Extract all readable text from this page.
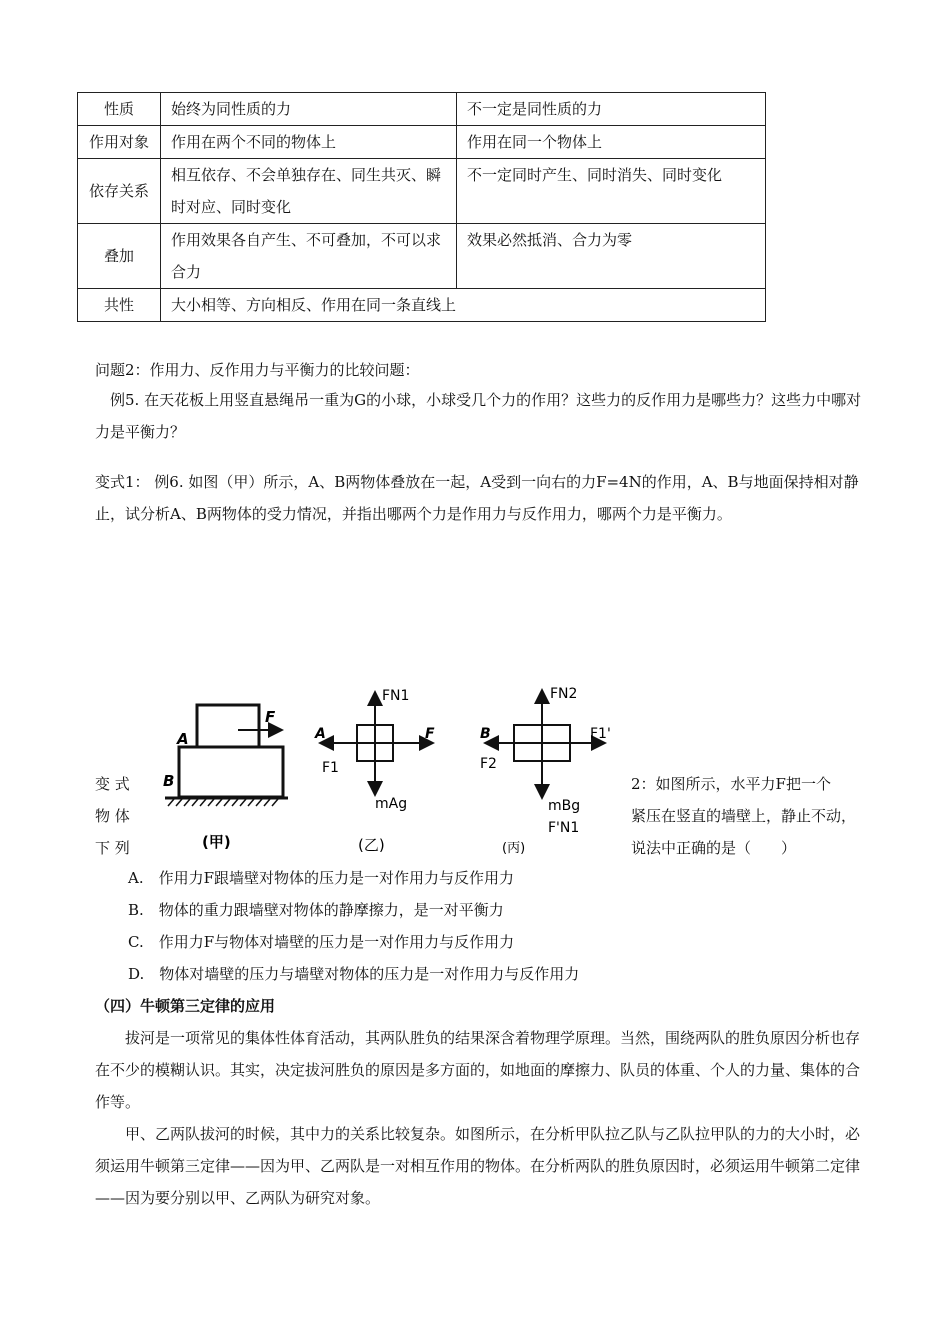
性质	始终为同性质的力	不一定是同性质的力
作用对象	作用在两个不同的物体上	作用在同一个物体上
依存关系	相互依存、不会单独存在、同生共灭、瞬时对应、同时变化	不一定同时产生、同时消失、同时变化
叠加	作用效果各自产生、不可叠加，不可以求合力	效果必然抵消、合力为零
共性	大小相等、方向相反、作用在同一条直线上	
问题2：作用力、反作用力与平衡力的比较问题：
例5. 在天花板上用竖直悬绳吊一重为G的小球，小球受几个力的作用？这些力的反作用力是哪些力？这些力中哪对力是平衡力？
变式1： 例6. 如图（甲）所示，A、B两物体叠放在一起，A受到一向右的力F=4N的作用，A、B与地面保持相对静止，试分析A、B两物体的受力情况，并指出哪两个力是作用力与反作用力，哪两个力是平衡力。
变 式
物 体
下 列
2：如图所示，水平力F把一个
紧压在竖直的墙壁上，静止不动，
说法中正确的是（　　）
F
A
B
(甲)
FN1
A	F
F1
mAg
(乙)
FN2
B	F1'
F2
mBg
F'N1
(丙)
A.　作用力F跟墙壁对物体的压力是一对作用力与反作用力
B.　物体的重力跟墙壁对物体的静摩擦力，是一对平衡力
C.　作用力F与物体对墙壁的压力是一对作用力与反作用力
D.　物体对墙壁的压力与墙壁对物体的压力是一对作用力与反作用力
（四）牛顿第三定律的应用
拔河是一项常见的集体性体育活动，其两队胜负的结果深含着物理学原理。当然，围绕两队的胜负原因分析也存在不少的模糊认识。其实，决定拔河胜负的原因是多方面的，如地面的摩擦力、队员的体重、个人的力量、集体的合作等。
甲、乙两队拔河的时候，其中力的关系比较复杂。如图所示，在分析甲队拉乙队与乙队拉甲队的力的大小时，必须运用牛顿第三定律——因为甲、乙两队是一对相互作用的物体。在分析两队的胜负原因时，必须运用牛顿第二定律——因为要分别以甲、乙两队为研究对象。
